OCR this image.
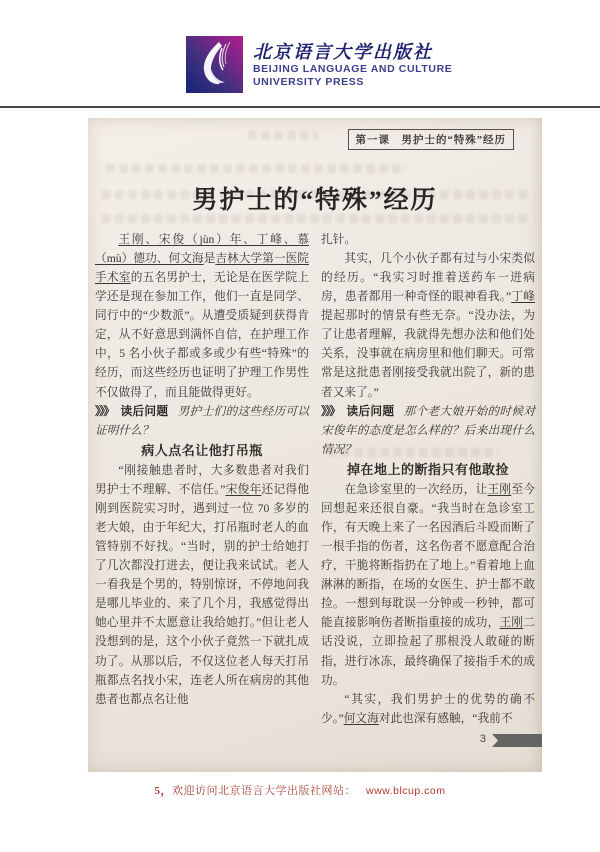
北京语言大学出版社
BEIJING LANGUAGE AND CULTURE
UNIVERSITY PRESS
第一课　男护士的“特殊”经历
男护士的“特殊”经历

王刚、宋俊（jùn）年、丁峰、慕（mù）德功、何文海是吉林大学第一医院手术室的五名男护士，无论是在医学院上学还是现在参加工作，他们一直是同学、同行中的“少数派”。从遭受质疑到获得肯定，从不好意思到满怀自信，在护理工作中，5 名小伙子都或多或少有些“特殊”的经历，而这些经历也证明了护理工作男性不仅做得了，而且能做得更好。

》》》 读后问题 男护士们的这些经历可以证明什么？

病人点名让他打吊瓶

“刚接触患者时，大多数患者对我们男护士不理解、不信任。”宋俊年还记得他刚到医院实习时，遇到过一位 70 多岁的老大娘，由于年纪大，打吊瓶时老人的血管特别不好找。“当时，别的护士给她打了几次都没打进去，便让我来试试。老人一看我是个男的，特别惊讶，不停地问我是哪儿毕业的、来了几个月，我感觉得出她心里并不太愿意让我给她打。”但让老人没想到的是，这个小伙子竟然一下就扎成功了。从那以后，不仅这位老人每天打吊瓶都点名找小宋，连老人所在病房的其他患者也都点名让他

扎针。

其实，几个小伙子都有过与小宋类似的经历。“我实习时推着送药车一进病房，患者都用一种奇怪的眼神看我。”丁峰提起那时的情景有些无奈。“没办法，为了让患者理解，我就得先想办法和他们处关系，没事就在病房里和他们聊天。可常常是这批患者刚接受我就出院了，新的患者又来了。”

》》》 读后问题 那个老大娘开始的时候对宋俊年的态度是怎么样的？后来出现什么情况？

掉在地上的断指只有他敢捡

在急诊室里的一次经历，让王刚至今回想起来还很自豪。“我当时在急诊室工作，有天晚上来了一名因酒后斗殴而断了一根手指的伤者，这名伤者不愿意配合治疗，干脆将断指扔在了地上。”看着地上血淋淋的断指，在场的女医生、护士都不敢捡。一想到每耽误一分钟或一秒钟，都可能直接影响伤者断指重接的成功，王刚二话没说，立即捡起了那根没人敢碰的断指，进行冰冻，最终确保了接指手术的成功。

“其实，我们男护士的优势的确不少。”何文海对此也深有感触，“我前不

3
5，欢迎访问北京语言大学出版社网站： www.blcup.com
